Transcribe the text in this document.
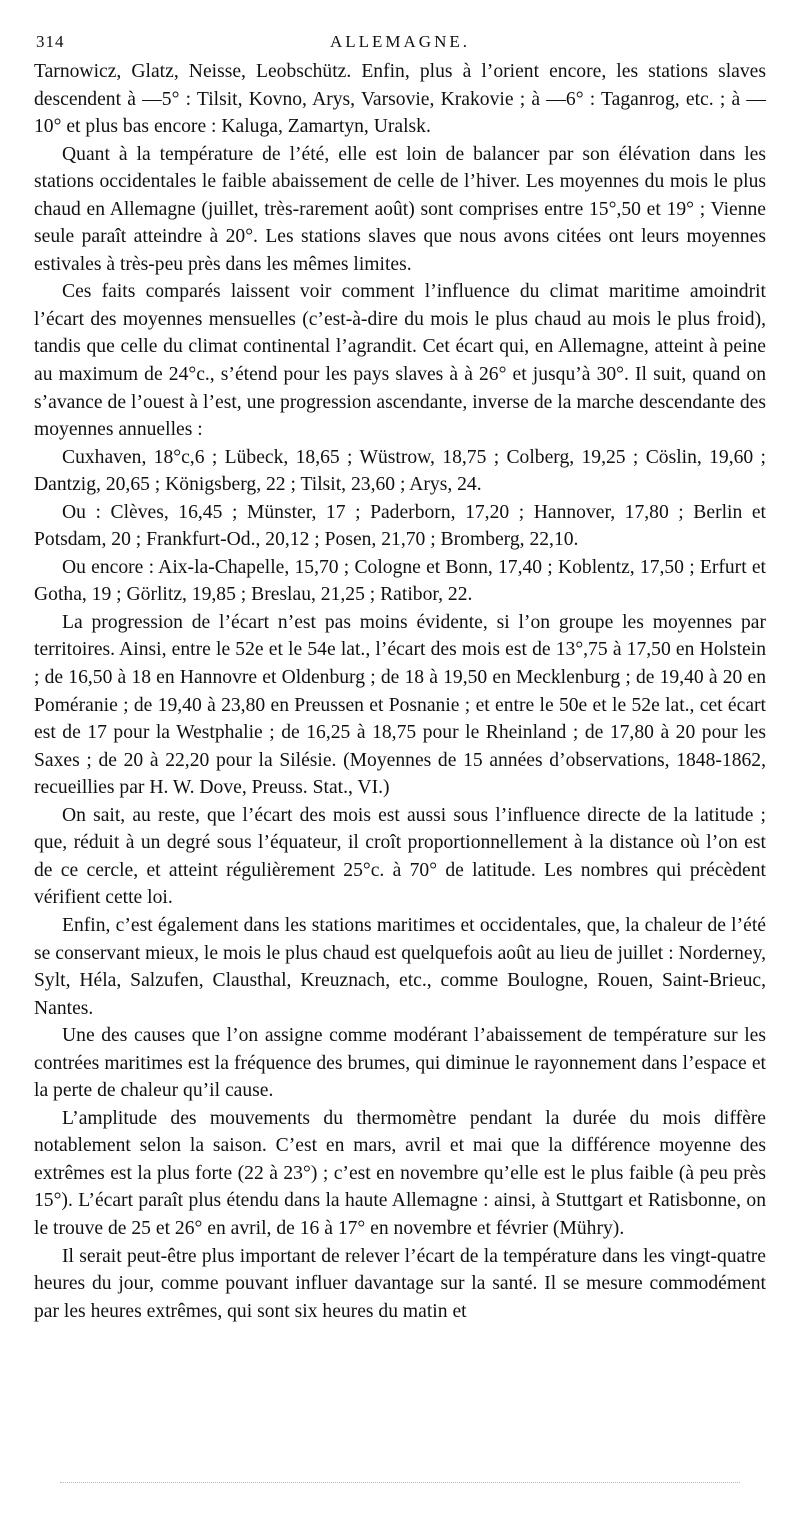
314	ALLEMAGNE.

Tarnowicz, Glatz, Neisse, Leobschütz. Enfin, plus à l’orient encore, les stations slaves descendent à —5° : Tilsit, Kovno, Arys, Varsovie, Krakovie ; à —6° : Taganrog, etc. ; à —10° et plus bas encore : Kaluga, Zamartyn, Uralsk.

Quant à la température de l’été, elle est loin de balancer par son élévation dans les stations occidentales le faible abaissement de celle de l’hiver. Les moyennes du mois le plus chaud en Allemagne (juillet, très-rarement août) sont comprises entre 15°,50 et 19° ; Vienne seule paraît atteindre à 20°. Les stations slaves que nous avons citées ont leurs moyennes estivales à très-peu près dans les mêmes limites.

Ces faits comparés laissent voir comment l’influence du climat maritime amoindrit l’écart des moyennes mensuelles (c’est-à-dire du mois le plus chaud au mois le plus froid), tandis que celle du climat continental l’agrandit. Cet écart qui, en Allemagne, atteint à peine au maximum de 24°c., s’étend pour les pays slaves à à 26° et jusqu’à 30°. Il suit, quand on s’avance de l’ouest à l’est, une progression ascendante, inverse de la marche descendante des moyennes annuelles :

Cuxhaven, 18°c,6 ; Lübeck, 18,65 ; Wüstrow, 18,75 ; Colberg, 19,25 ; Cöslin, 19,60 ; Dantzig, 20,65 ; Königsberg, 22 ; Tilsit, 23,60 ; Arys, 24.

Ou : Clèves, 16,45 ; Münster, 17 ; Paderborn, 17,20 ; Hannover, 17,80 ; Berlin et Potsdam, 20 ; Frankfurt-Od., 20,12 ; Posen, 21,70 ; Bromberg, 22,10.

Ou encore : Aix-la-Chapelle, 15,70 ; Cologne et Bonn, 17,40 ; Koblentz, 17,50 ; Erfurt et Gotha, 19 ; Görlitz, 19,85 ; Breslau, 21,25 ; Ratibor, 22.

La progression de l’écart n’est pas moins évidente, si l’on groupe les moyennes par territoires. Ainsi, entre le 52e et le 54e lat., l’écart des mois est de 13°,75 à 17,50 en Holstein ; de 16,50 à 18 en Hannovre et Oldenburg ; de 18 à 19,50 en Mecklenburg ; de 19,40 à 20 en Poméranie ; de 19,40 à 23,80 en Preussen et Posnanie ; et entre le 50e et le 52e lat., cet écart est de 17 pour la Westphalie ; de 16,25 à 18,75 pour le Rheinland ; de 17,80 à 20 pour les Saxes ; de 20 à 22,20 pour la Silésie. (Moyennes de 15 années d’observations, 1848-1862, recueillies par H. W. Dove, Preuss. Stat., VI.)

On sait, au reste, que l’écart des mois est aussi sous l’influence directe de la latitude ; que, réduit à un degré sous l’équateur, il croît proportionnellement à la distance où l’on est de ce cercle, et atteint régulièrement 25°c. à 70° de latitude. Les nombres qui précèdent vérifient cette loi.

Enfin, c’est également dans les stations maritimes et occidentales, que, la chaleur de l’été se conservant mieux, le mois le plus chaud est quelquefois août au lieu de juillet : Norderney, Sylt, Héla, Salzufen, Clausthal, Kreuznach, etc., comme Boulogne, Rouen, Saint-Brieuc, Nantes.

Une des causes que l’on assigne comme modérant l’abaissement de température sur les contrées maritimes est la fréquence des brumes, qui diminue le rayonnement dans l’espace et la perte de chaleur qu’il cause.

L’amplitude des mouvements du thermomètre pendant la durée du mois diffère notablement selon la saison. C’est en mars, avril et mai que la différence moyenne des extrêmes est la plus forte (22 à 23°) ; c’est en novembre qu’elle est le plus faible (à peu près 15°). L’écart paraît plus étendu dans la haute Allemagne : ainsi, à Stuttgart et Ratisbonne, on le trouve de 25 et 26° en avril, de 16 à 17° en novembre et février (Mühry).

Il serait peut-être plus important de relever l’écart de la température dans les vingt-quatre heures du jour, comme pouvant influer davantage sur la santé. Il se mesure commodément par les heures extrêmes, qui sont six heures du matin et
